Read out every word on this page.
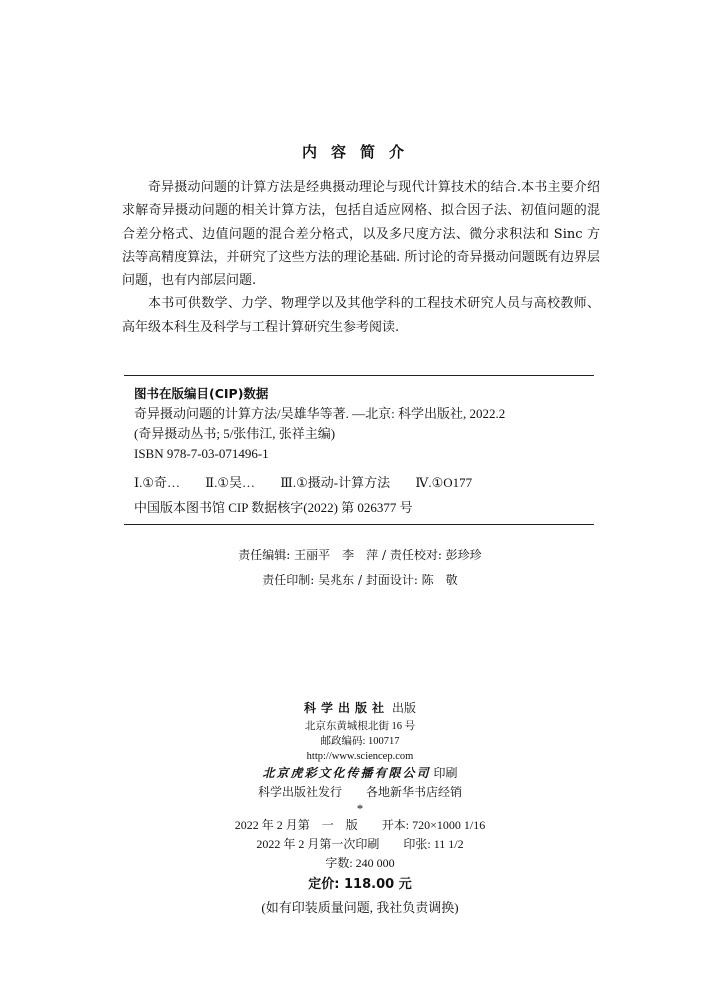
内容简介

奇异摄动问题的计算方法是经典摄动理论与现代计算技术的结合.本书主要介绍求解奇异摄动问题的相关计算方法，包括自适应网格、拟合因子法、初值问题的混合差分格式、边值问题的混合差分格式，以及多尺度方法、微分求积法和 Sinc 方法等高精度算法，并研究了这些方法的理论基础. 所讨论的奇异摄动问题既有边界层问题，也有内部层问题.

本书可供数学、力学、物理学以及其他学科的工程技术研究人员与高校教师、高年级本科生及科学与工程计算研究生参考阅读.

图书在版编目(CIP)数据
奇异摄动问题的计算方法/吴雄华等著. —北京: 科学出版社, 2022.2
(奇异摄动丛书; 5/张伟江, 张祥主编)
ISBN 978-7-03-071496-1
Ⅰ.①奇… Ⅱ.①吴… Ⅲ.①摄动-计算方法 Ⅳ.①O177
中国版本图书馆 CIP 数据核字(2022) 第 026377 号
责任编辑: 王丽平　李　萍 / 责任校对: 彭珍珍
责任印制: 吴兆东 / 封面设计: 陈　敬
科学出版社 出版
北京东黄城根北街 16 号
邮政编码: 100717
http://www.sciencep.com
北京虎彩文化传播有限公司 印刷
科学出版社发行　　各地新华书店经销
*
2022 年 2 月第　一　版　　开本: 720×1000 1/16
2022 年 2 月第一次印刷　　印张: 11 1/2
字数: 240 000
定价: 118.00 元
(如有印装质量问题, 我社负责调换)
